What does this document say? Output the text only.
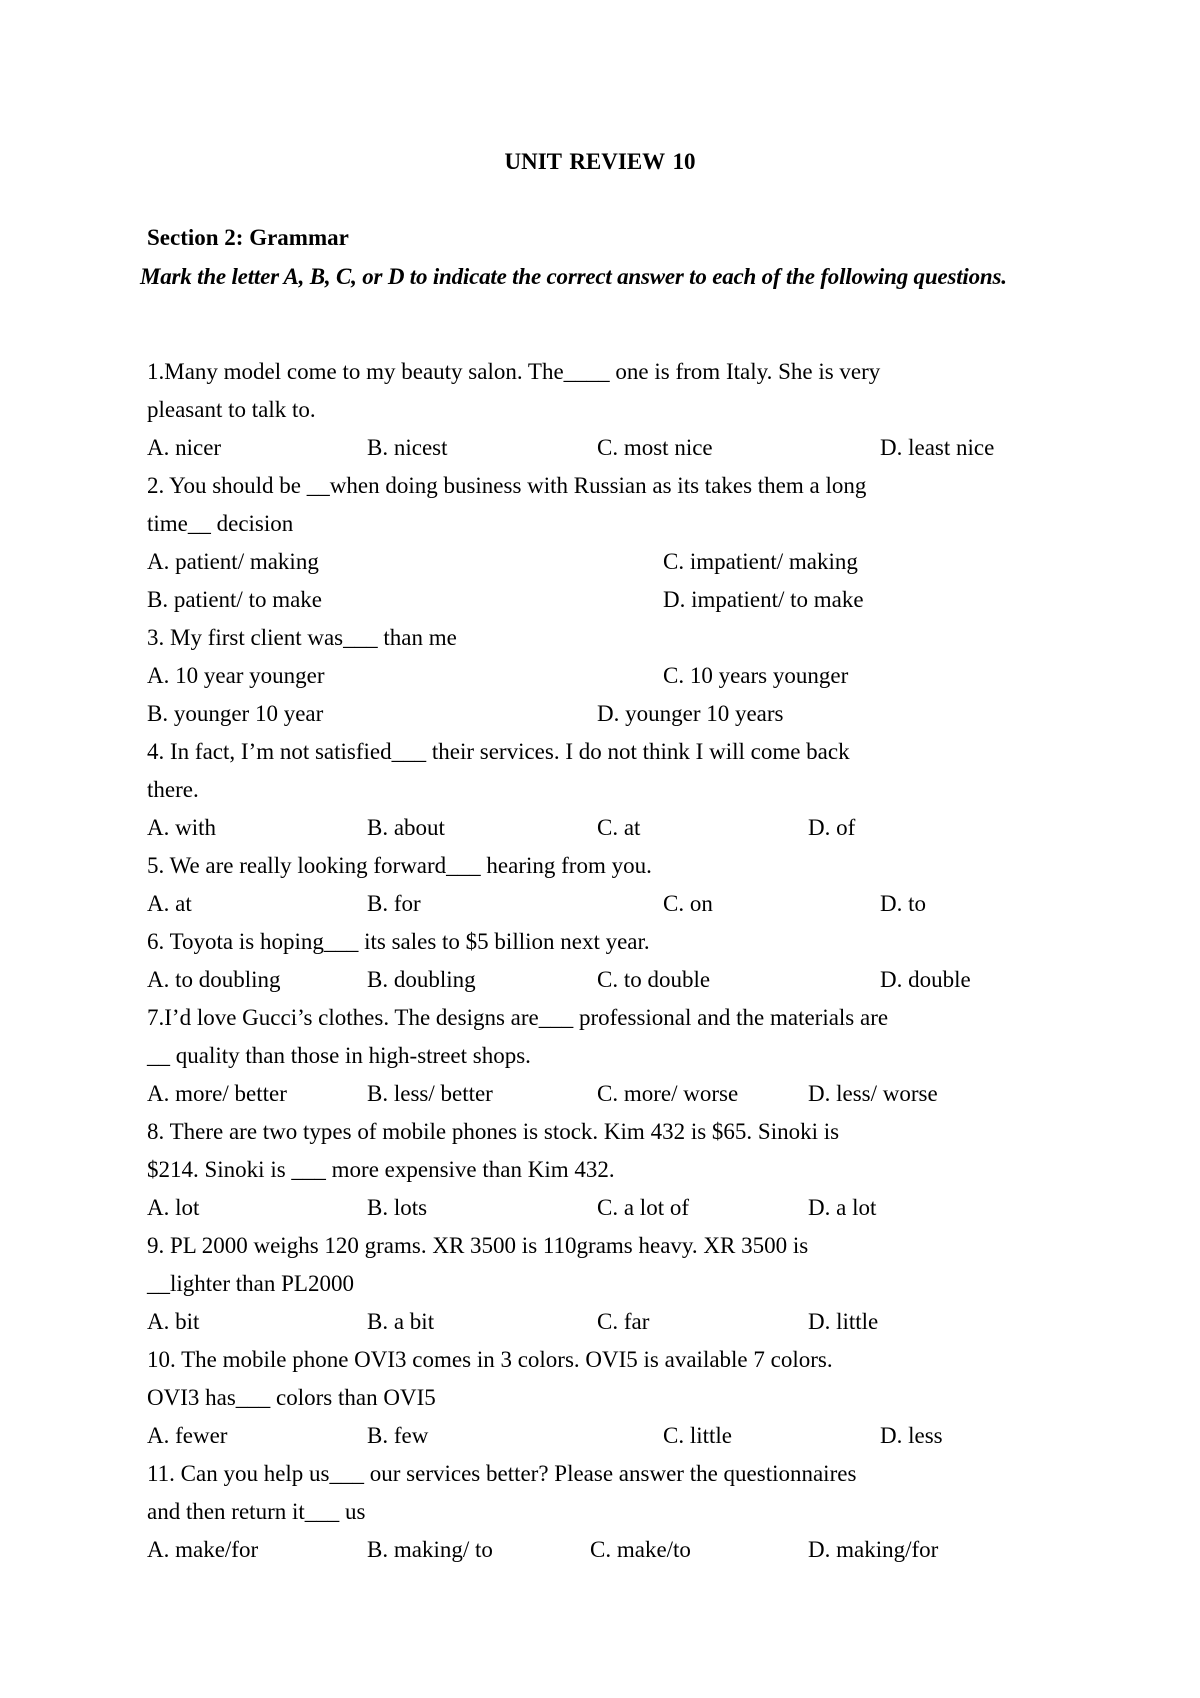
UNIT REVIEW 10
Section 2: Grammar
Mark the letter A, B, C, or D to indicate the correct answer to each of the following questions.
1.Many model come to my beauty salon. The____ one is from Italy. She is very
pleasant to talk to.
A. nicer	B. nicest	C. most nice	D. least nice
2. You should be __when doing business with Russian as its takes them a long
time__ decision
A. patient/ making	C. impatient/ making
B. patient/ to make	D. impatient/ to make
3. My first client was___ than me
A. 10 year younger	C. 10 years younger
B. younger 10 year	D. younger 10 years
4. In fact, I’m not satisfied___ their services. I do not think I will come back
there.
A. with	B. about	C. at	D. of
5. We are really looking forward___ hearing from you.
A. at	B. for	C. on	D. to
6. Toyota is hoping___ its sales to $5 billion next year.
A. to doubling	B. doubling	C. to double	D. double
7.I’d love Gucci’s clothes. The designs are___ professional and the materials are
__ quality than those in high-street shops.
A. more/ better	B. less/ better	C. more/ worse	D. less/ worse
8. There are two types of mobile phones is stock. Kim 432 is $65. Sinoki is
$214. Sinoki is ___ more expensive than Kim 432.
A. lot	B. lots	C. a lot of	D. a lot
9. PL 2000 weighs 120 grams. XR 3500 is 110grams heavy. XR 3500 is
__lighter than PL2000
A. bit	B. a bit	C. far	D. little
10. The mobile phone OVI3 comes in 3 colors. OVI5 is available 7 colors.
OVI3 has___ colors than OVI5
A. fewer	B. few	C. little	D. less
11. Can you help us___ our services better? Please answer the questionnaires
and then return it___ us
A. make/for	B. making/ to	C. make/to	D. making/for
